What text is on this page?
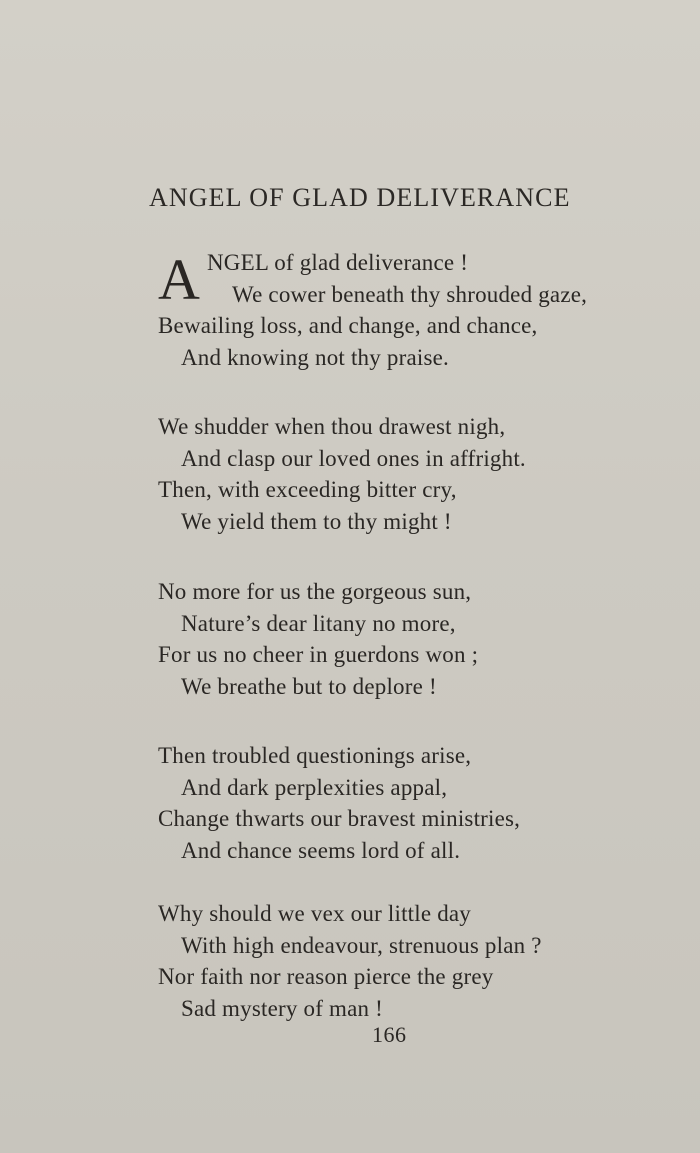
ANGEL OF GLAD DELIVERANCE
A NGEL of glad deliverance !
We cower beneath thy shrouded gaze,
Bewailing loss, and change, and chance,
And knowing not thy praise.
We shudder when thou drawest nigh,
And clasp our loved ones in affright.
Then, with exceeding bitter cry,
We yield them to thy might !
No more for us the gorgeous sun,
Nature’s dear litany no more,
For us no cheer in guerdons won ;
We breathe but to deplore !
Then troubled questionings arise,
And dark perplexities appal,
Change thwarts our bravest ministries,
And chance seems lord of all.
Why should we vex our little day
With high endeavour, strenuous plan ?
Nor faith nor reason pierce the grey
Sad mystery of man !
166
